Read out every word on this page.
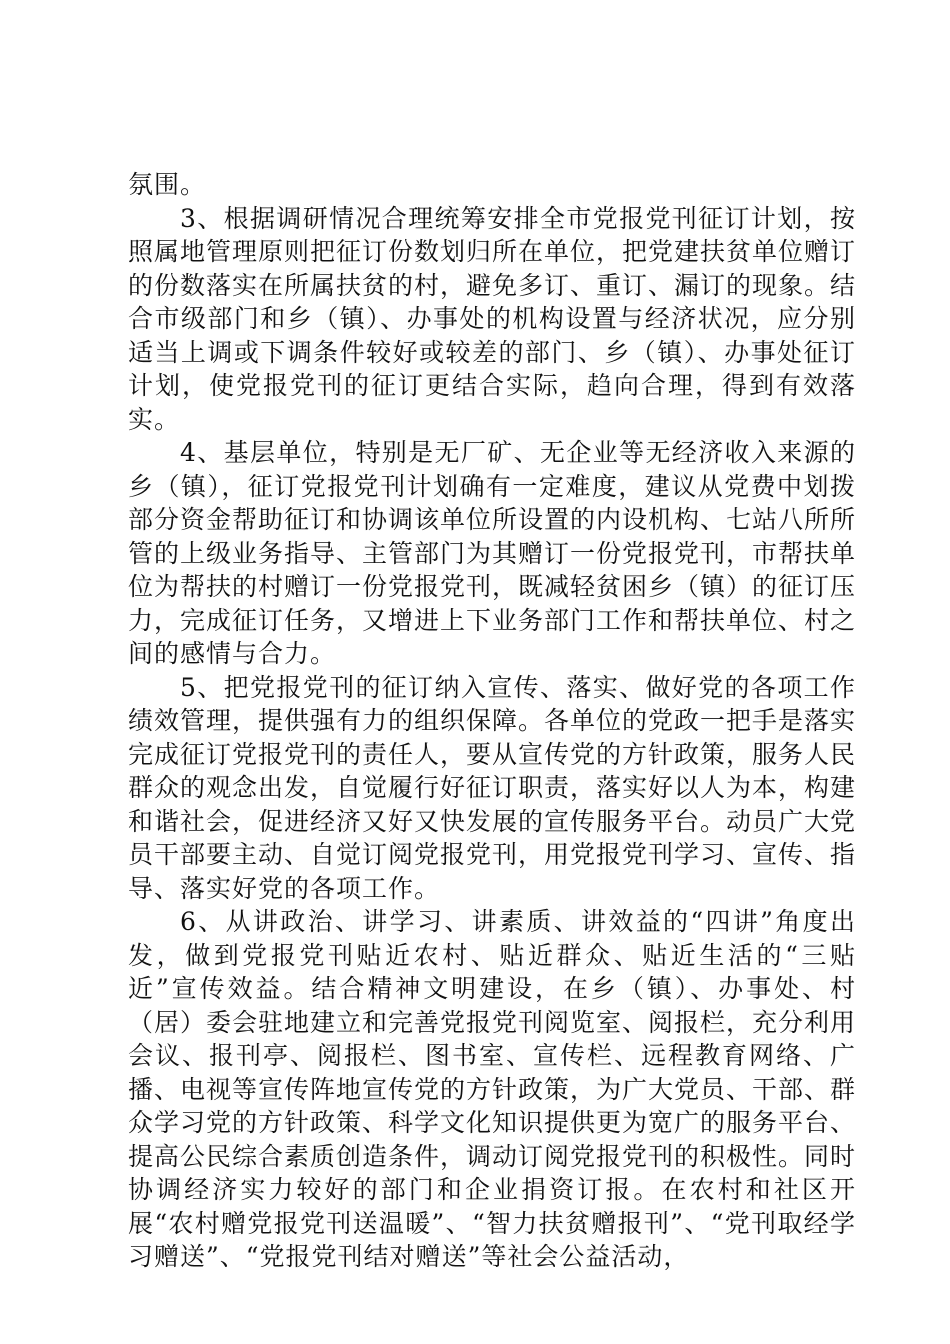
氛围。

3、根据调研情况合理统筹安排全市党报党刊征订计划，按照属地管理原则把征订份数划归所在单位，把党建扶贫单位赠订的份数落实在所属扶贫的村，避免多订、重订、漏订的现象。结合市级部门和乡（镇）、办事处的机构设置与经济状况，应分别适当上调或下调条件较好或较差的部门、乡（镇）、办事处征订计划，使党报党刊的征订更结合实际，趋向合理，得到有效落实。

4、基层单位，特别是无厂矿、无企业等无经济收入来源的乡（镇），征订党报党刊计划确有一定难度，建议从党费中划拨部分资金帮助征订和协调该单位所设置的内设机构、七站八所所管的上级业务指导、主管部门为其赠订一份党报党刊，市帮扶单位为帮扶的村赠订一份党报党刊，既减轻贫困乡（镇）的征订压力，完成征订任务，又增进上下业务部门工作和帮扶单位、村之间的感情与合力。

5、把党报党刊的征订纳入宣传、落实、做好党的各项工作绩效管理，提供强有力的组织保障。各单位的党政一把手是落实完成征订党报党刊的责任人，要从宣传党的方针政策，服务人民群众的观念出发，自觉履行好征订职责，落实好以人为本，构建和谐社会，促进经济又好又快发展的宣传服务平台。动员广大党员干部要主动、自觉订阅党报党刊，用党报党刊学习、宣传、指导、落实好党的各项工作。

6、从讲政治、讲学习、讲素质、讲效益的“四讲”角度出发，做到党报党刊贴近农村、贴近群众、贴近生活的“三贴近”宣传效益。结合精神文明建设，在乡（镇）、办事处、村（居）委会驻地建立和完善党报党刊阅览室、阅报栏，充分利用会议、报刊亭、阅报栏、图书室、宣传栏、远程教育网络、广播、电视等宣传阵地宣传党的方针政策，为广大党员、干部、群众学习党的方针政策、科学文化知识提供更为宽广的服务平台、提高公民综合素质创造条件，调动订阅党报党刊的积极性。同时协调经济实力较好的部门和企业捐资订报。在农村和社区开展“农村赠党报党刊送温暖”、“智力扶贫赠报刊”、“党刊取经学习赠送”、“党报党刊结对赠送”等社会公益活动，
